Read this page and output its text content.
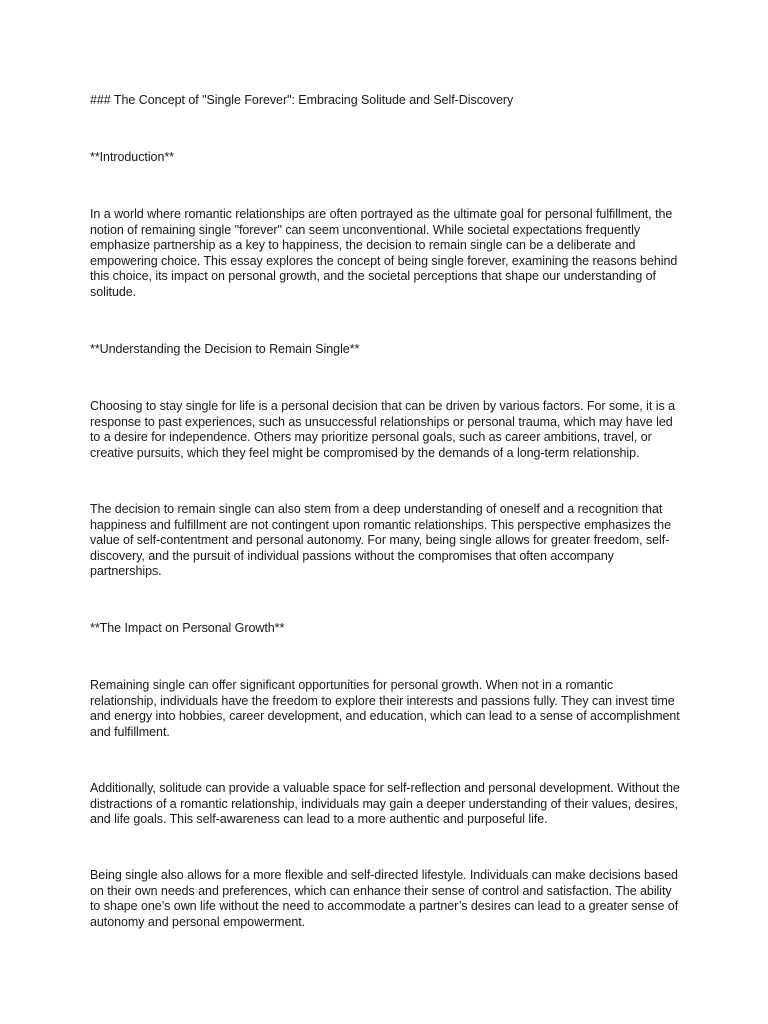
### The Concept of "Single Forever": Embracing Solitude and Self-Discovery

**Introduction**

In a world where romantic relationships are often portrayed as the ultimate goal for personal fulfillment, the notion of remaining single "forever" can seem unconventional. While societal expectations frequently emphasize partnership as a key to happiness, the decision to remain single can be a deliberate and empowering choice. This essay explores the concept of being single forever, examining the reasons behind this choice, its impact on personal growth, and the societal perceptions that shape our understanding of solitude.

**Understanding the Decision to Remain Single**

Choosing to stay single for life is a personal decision that can be driven by various factors. For some, it is a response to past experiences, such as unsuccessful relationships or personal trauma, which may have led to a desire for independence. Others may prioritize personal goals, such as career ambitions, travel, or creative pursuits, which they feel might be compromised by the demands of a long-term relationship.

The decision to remain single can also stem from a deep understanding of oneself and a recognition that happiness and fulfillment are not contingent upon romantic relationships. This perspective emphasizes the value of self-contentment and personal autonomy. For many, being single allows for greater freedom, self-discovery, and the pursuit of individual passions without the compromises that often accompany partnerships.

**The Impact on Personal Growth**

Remaining single can offer significant opportunities for personal growth. When not in a romantic relationship, individuals have the freedom to explore their interests and passions fully. They can invest time and energy into hobbies, career development, and education, which can lead to a sense of accomplishment and fulfillment.

Additionally, solitude can provide a valuable space for self-reflection and personal development. Without the distractions of a romantic relationship, individuals may gain a deeper understanding of their values, desires, and life goals. This self-awareness can lead to a more authentic and purposeful life.

Being single also allows for a more flexible and self-directed lifestyle. Individuals can make decisions based on their own needs and preferences, which can enhance their sense of control and satisfaction. The ability to shape one’s own life without the need to accommodate a partner’s desires can lead to a greater sense of autonomy and personal empowerment.
